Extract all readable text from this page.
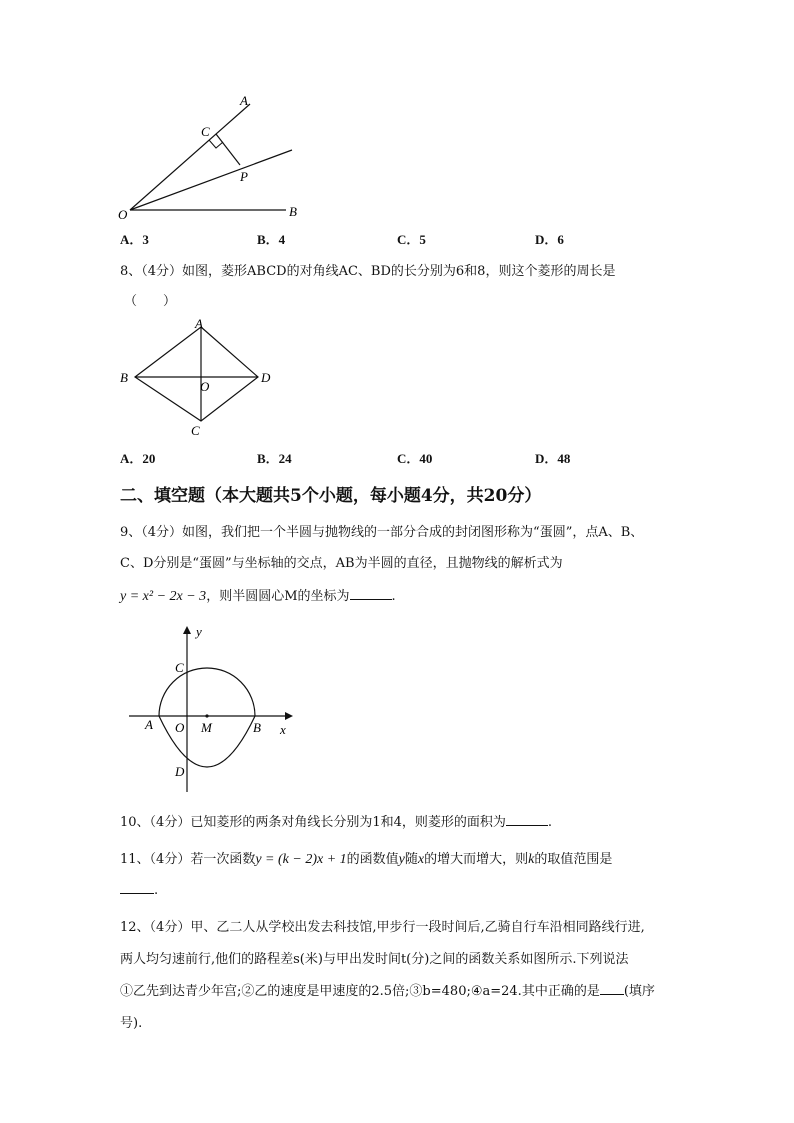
A
C
P
O	B
A．3	B．4	C．5	D．6
8、（4分）如图，菱形ABCD的对角线AC、BD的长分别为6和8，则这个菱形的周长是
（　　）
A
B
O
D
C
A．20	B．24	C．40	D．48
二、填空题（本大题共5个小题，每小题4分，共20分）
9、（4分）如图，我们把一个半圆与抛物线的一部分合成的封闭图形称为“蛋圆”，点A、B、
C、D分别是“蛋圆”与坐标轴的交点，AB为半圆的直径，且抛物线的解析式为
y = x² − 2x − 3，则半圆圆心M的坐标为	.
y
C
A O M	B x
D
10、（4分）已知菱形的两条对角线长分别为1和4，则菱形的面积为	.
11、（4分）若一次函数y = (k − 2)x + 1的函数值y随x的增大而增大，则k的取值范围是
.
12、（4分）甲、乙二人从学校出发去科技馆,甲步行一段时间后,乙骑自行车沿相同路线行进,
两人均匀速前行,他们的路程差s(米)与甲出发时间t(分)之间的函数关系如图所示.下列说法
①乙先到达青少年宫;②乙的速度是甲速度的2.5倍;③b=480;④a=24.其中正确的是 (填序
号).
